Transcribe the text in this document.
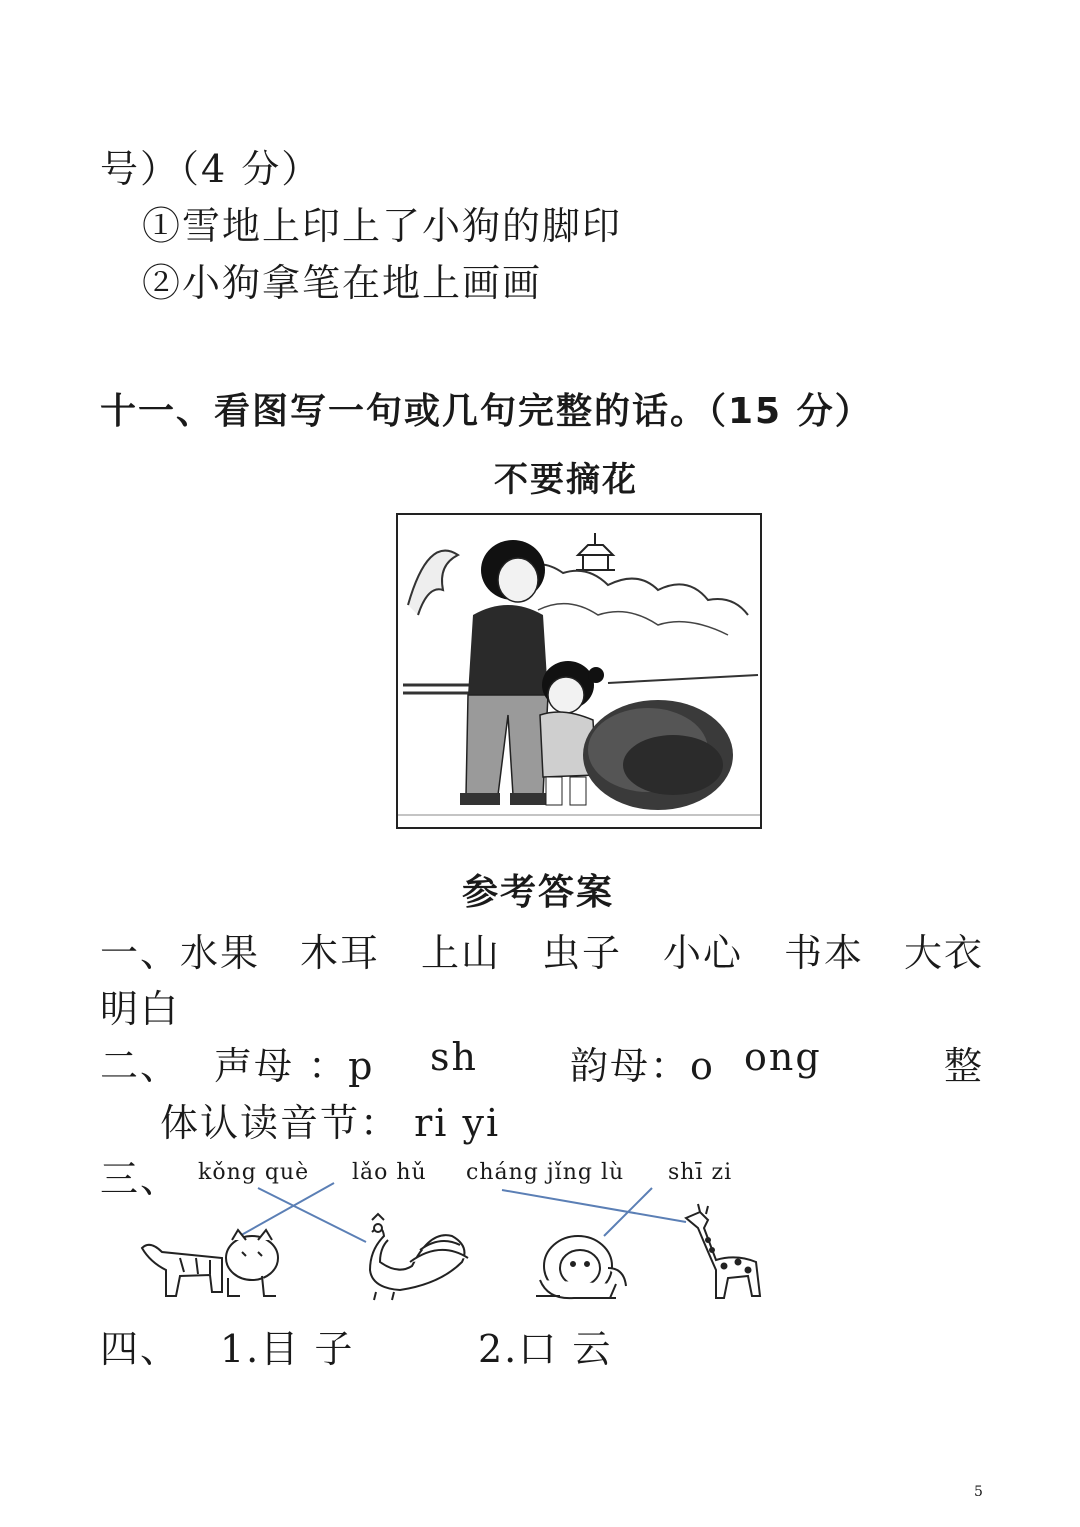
号）（4 分）
①雪地上印上了小狗的脚印
②小狗拿笔在地上画画
十一、看图写一句或几句完整的话。（15 分）
不要摘花
参考答案
一、 水果 木耳 上山 虫子 小心 书本 大衣
明白
二、 声母 ：p sh 韵母：o ong	整
体认读音节： ri yi
三、 kǒng què lǎo hǔ cháng jǐng lù shī zi
四、 1.目 子	2.口 云
5
